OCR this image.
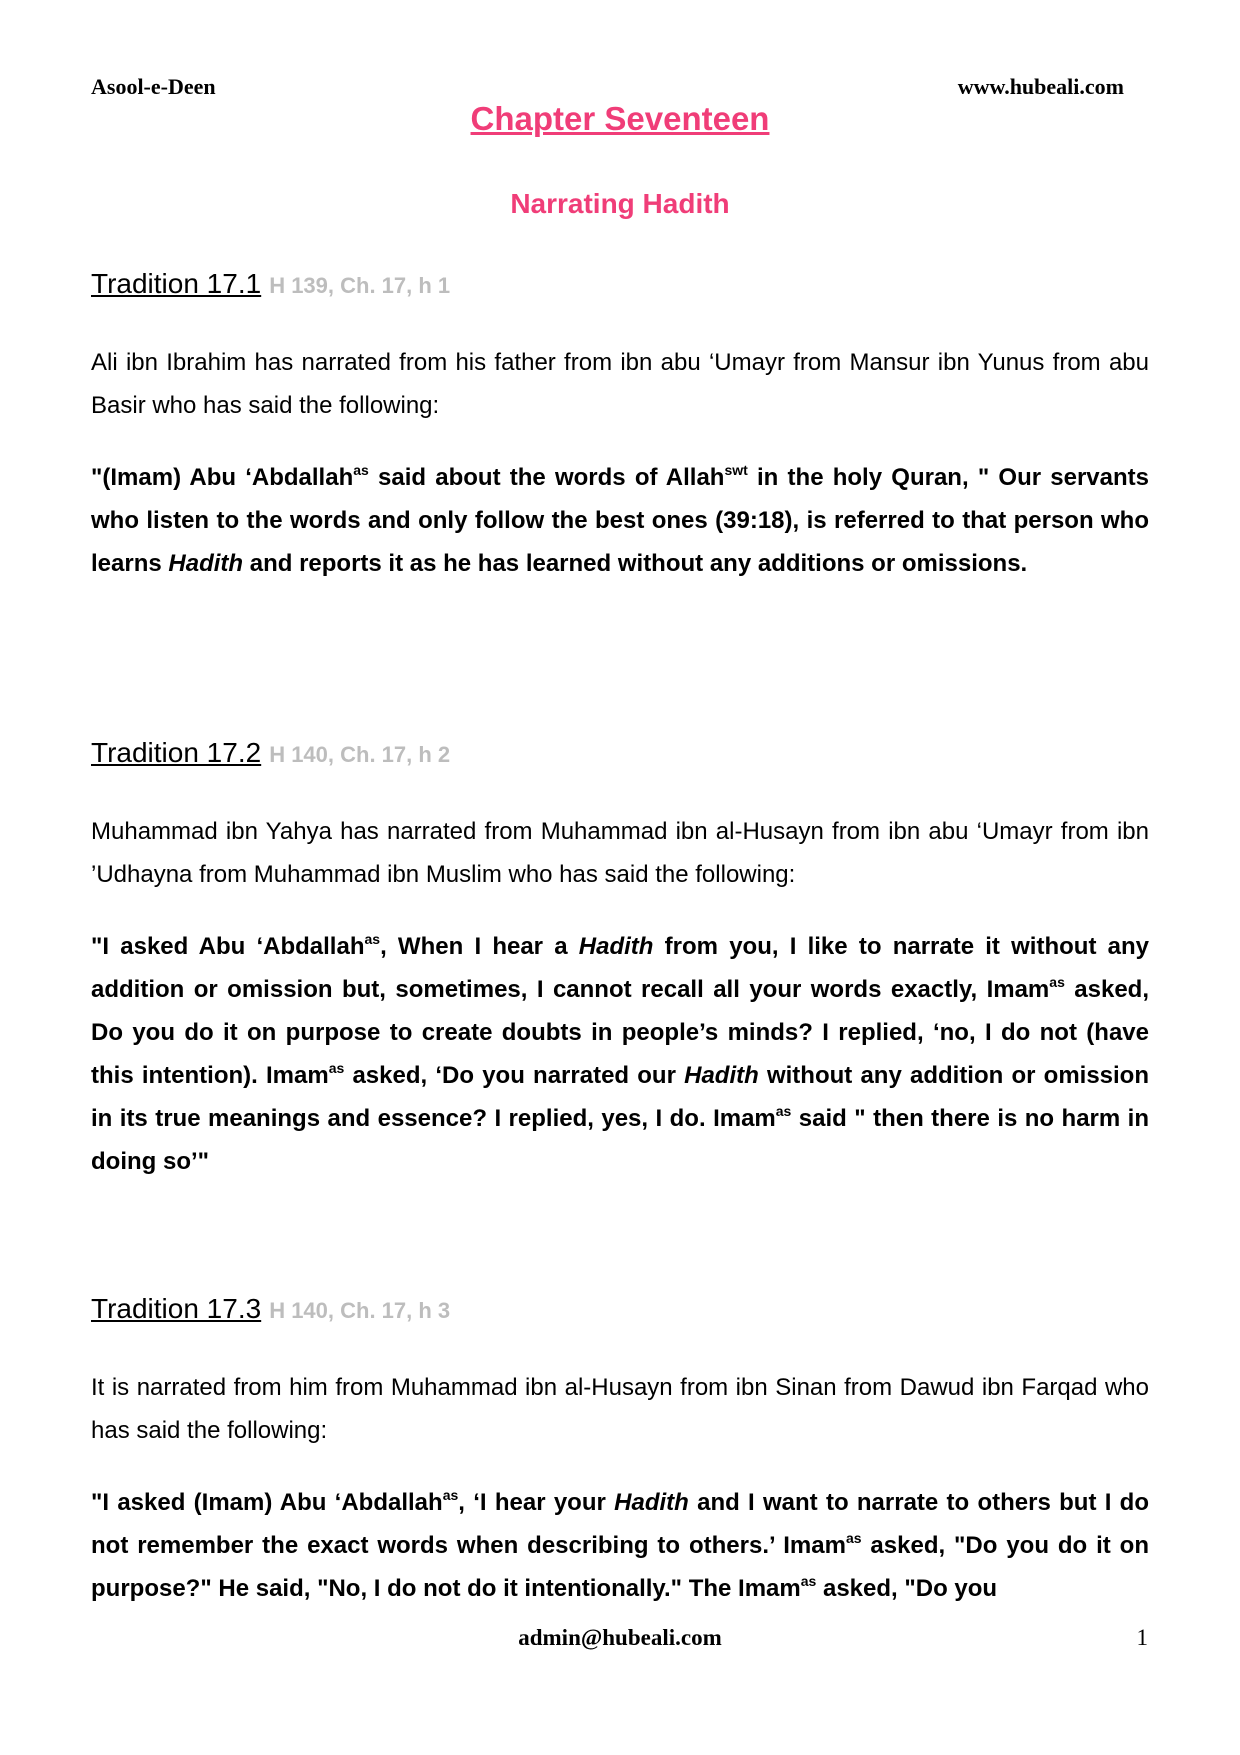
Asool-e-Deen	www.hubeali.com
Chapter Seventeen
Narrating Hadith
Tradition 17.1 H 139, Ch. 17, h 1

Ali ibn Ibrahim has narrated from his father from ibn abu ‘Umayr from Mansur ibn Yunus from abu Basir who has said the following:

"(Imam) Abu ‘Abdallah$^{as}$ said about the words of Allah$^{swt}$ in the holy Quran, " Our servants who listen to the words and only follow the best ones (39:18), is referred to that person who learns Hadith and reports it as he has learned without any additions or omissions.

Tradition 17.2 H 140, Ch. 17, h 2

Muhammad ibn Yahya has narrated from Muhammad ibn al-Husayn from ibn abu ‘Umayr from ibn ’Udhayna from Muhammad ibn Muslim who has said the following:

"I asked Abu ‘Abdallah$^{as}$, When I hear a Hadith from you, I like to narrate it without any addition or omission but, sometimes, I cannot recall all your words exactly, Imam$^{as}$ asked, Do you do it on purpose to create doubts in people’s minds? I replied, ‘no, I do not (have this intention). Imam$^{as}$ asked, ‘Do you narrated our Hadith without any addition or omission in its true meanings and essence? I replied, yes, I do. Imam$^{as}$ said " then there is no harm in doing so’"

Tradition 17.3 H 140, Ch. 17, h 3

It is narrated from him from Muhammad ibn al-Husayn from ibn Sinan from Dawud ibn Farqad who has said the following:

"I asked (Imam) Abu ‘Abdallah$^{as}$, ‘I hear your Hadith and I want to narrate to others but I do not remember the exact words when describing to others.’ Imam$^{as}$ asked, "Do you do it on purpose?" He said, "No, I do not do it intentionally." The Imam$^{as}$ asked, "Do you

admin@hubeali.com	1
